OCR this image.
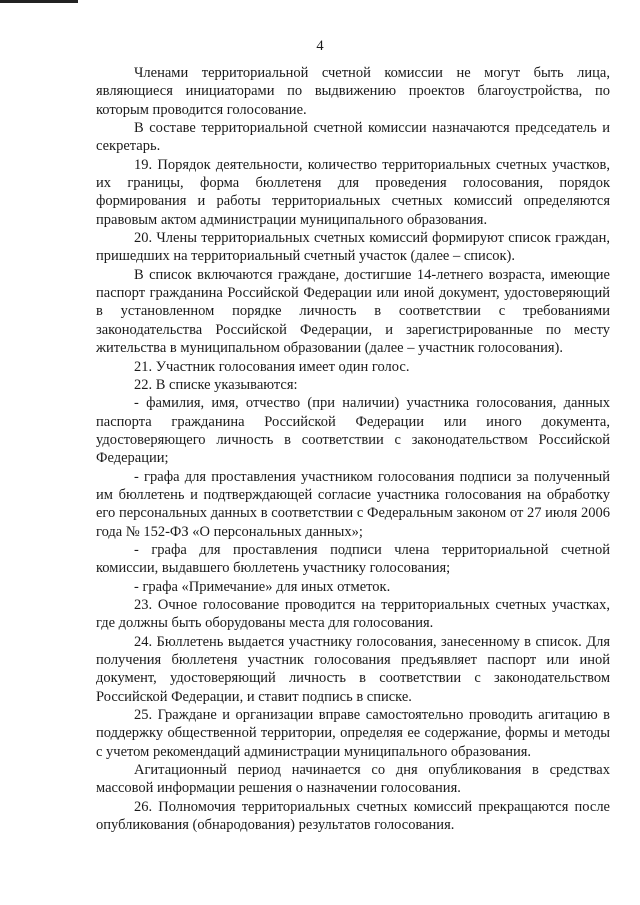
4

Членами территориальной счетной комиссии не могут быть лица, являющиеся инициаторами по выдвижению проектов благоустройства, по которым проводится голосование.

В составе территориальной счетной комиссии назначаются председатель и секретарь.

19. Порядок деятельности, количество территориальных счетных участков, их границы, форма бюллетеня для проведения голосования, порядок формирования и работы территориальных счетных комиссий определяются правовым актом администрации муниципального образования.

20. Члены территориальных счетных комиссий формируют список граждан, пришедших на территориальный счетный участок (далее – список).

В список включаются граждане, достигшие 14-летнего возраста, имеющие паспорт гражданина Российской Федерации или иной документ, удостоверяющий в установленном порядке личность в соответствии с требованиями законодательства Российской Федерации, и зарегистрированные по месту жительства в муниципальном образовании (далее – участник голосования).

21. Участник голосования имеет один голос.

22. В списке указываются:

- фамилия, имя, отчество (при наличии) участника голосования, данных паспорта гражданина Российской Федерации или иного документа, удостоверяющего личность в соответствии с законодательством Российской Федерации;

- графа для проставления участником голосования подписи за полученный им бюллетень и подтверждающей согласие участника голосования на обработку его персональных данных в соответствии с Федеральным законом от 27 июля 2006 года № 152-ФЗ «О персональных данных»;

- графа для проставления подписи члена территориальной счетной комиссии, выдавшего бюллетень участнику голосования;

- графа «Примечание» для иных отметок.

23. Очное голосование проводится на территориальных счетных участках, где должны быть оборудованы места для голосования.

24. Бюллетень выдается участнику голосования, занесенному в список. Для получения бюллетеня участник голосования предъявляет паспорт или иной документ, удостоверяющий личность в соответствии с законодательством Российской Федерации, и ставит подпись в списке.

25. Граждане и организации вправе самостоятельно проводить агитацию в поддержку общественной территории, определяя ее содержание, формы и методы с учетом рекомендаций администрации муниципального образования.

Агитационный период начинается со дня опубликования в средствах массовой информации решения о назначении голосования.

26. Полномочия территориальных счетных комиссий прекращаются после опубликования (обнародования) результатов голосования.
